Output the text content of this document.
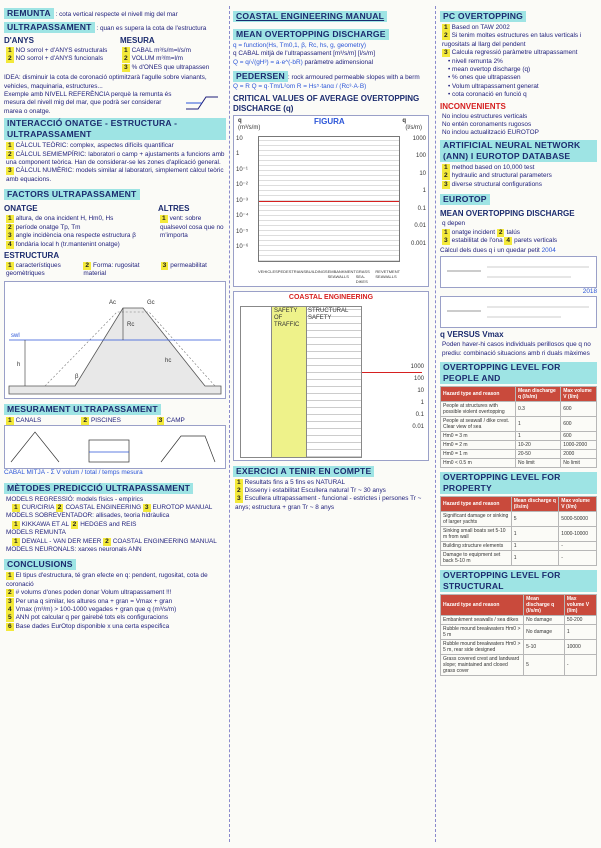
REMUNTA : cota vertical respecte el nivell mig del mar
ULTRAPASSAMENT : quan es supera la cota de l'estructura
D'ANYS
1 NO sorrol + d'ANYS estructurals
2 NO sorrol + d'ANYS funcionals
MESURA
1 CABAL m³/s/m=l/s/m
2 VOLUM m³/m=l/m
3 % d'ONES que ultrapassen
IDEA: disminuir la cota de coronació optimitzarà l'agulle sobre vianants, vehicles, maquinaria, estructures...
Exemple amb NIVELL REFERÈNCIA perquè la remunta és mesura del nivell mig del mar, que podrà ser considerar marea o onatge.
INTERACCIÓ ONATGE - ESTRUCTURA - ULTRAPASSAMENT
1 CÀLCUL TEÒRIC: complex, aspectes difícils quantificar
2 CÀLCUL SEMIEMPÍRIC: laboratori o camp + ajustaments a funcions amb una component teòrica. Han de considerar-se les zones d'aplicació general.
3 CÀLCUL NUMÈRIC: models similar al laboratori, simplement càlcul teòric amb equacions.
FACTORS ULTRAPASSAMENT
ONATGE
1 altura, de ona incident H, Hm0, Hs
2 període onatge Tp, Tm
3 angle incidència ona respecte estructura β
4 fondària local h (tr.mantenint onatge)
ALTRES
1 vent: sobre qualsevol cosa que no m'importa
ESTRUCTURA
1 característiques geomètriques
2 Forma: rugositat material
3 permeabilitat
Rc
Ac	Gc
hc
h
β
swl
MESURAMENT ULTRAPASSAMENT
1 CANALS	2 PISCINES	3 CAMP
CABAL MITJÀ - Σ V volum / total / temps mesura
MÈTODES PREDICCIÓ ULTRAPASSAMENT
MODELS REGRESSIÓ: models físics - empírics
1 CUR/CIRIA 2 COASTAL ENGINEERING 3 EUROTOP MANUAL
MODELS SOBREVENTADOR: allisades, teoria hidràulica
1 KIKKAWA ET AL 2 HEDGES and REIS
MODELS REMUNTA
1 DEWALL - VAN DER MEER 2 COASTAL ENGINEERING MANUAL
MODELS NEURONALS: xarxes neuronals ANN
CONCLUSIONS
1 El tipus d'estructura, té gran efecte en q: pendent, rugositat, cota de coronació
2 # volums d'ones poden donar Volum ultrapassament !!!
3 Per una q similar, les altures ona + gran = Vmax + gran
4 Vmax (m³/m) > 100-1000 vegades + gran que q (m³/s/m)
5 ANN pot calcular q per gairebé tots els configuracions
6 Base dades EurOtop disponible x una certa especifica
COASTAL ENGINEERING MANUAL MEAN OVERTOPPING DISCHARGE
q = function(Hs, Tm0,1, β, Rc, hs, g, geometry)
q CABAL mitjà de l'ultrapassament [m³/s/m] [l/s/m]
Q = q/√(gH³) = a·e^(-bR) paràmetre adimensional
PEDERSEN : rock armoured permeable slopes with a berm
Q = R Q = q·Tm/L²om R = Hs⁵·tanα / (Rc³·A·B)
CRITICAL VALUES OF AVERAGE OVERTOPPING DISCHARGE (q)
q
(m³/s/m)
FIGURA	q
(l/s/m)
10
1
10⁻¹
10⁻²
10⁻³
10⁻⁴
10⁻⁵
10⁻⁶
1000
100
10
1
0.1
0.01
0.001
VEHICLES PEDESTRIANS BUILDINGS EMBANKMENT SEAWALLS
GRASS SEA-DIKES
REVETMENT SEAWALLS
COASTAL ENGINEERING
SAFETY OF TRAFFIC
STRUCTURAL SAFETY
1000
100
10
1
0.1
0.01
EXERCICI A TENIR EN COMPTE
1 Resultats fins a 5 fins es NATURAL
2 Disseny i estabilitat Escullera natural Tr ~ 30 anys
3 Escullera ultrapassament - funcional - estrictes i persones Tr ~ anys; estructura + gran Tr ~ 8 anys
PC OVERTOPPING
1 Based on TAW 2002
2 Si tenim moltes estructures en talus verticals i rugositats al llarg del pendent
3 Calcula regressió paràmetre ultrapassament
• nivell remunta 2%
• mean overtop discharge (q)
• % ones que ultrapassen
• Volum ultrapassament generat
• cota coronació en funció q
INCONVENIENTS
No inclou estructures verticals
No entén coronaments rugosos
No inclou actualització EUROTOP
ARTIFICIAL NEURAL NETWORK (ANN) I EUROTOP DATABASE
1 method based on 10,000 test
2 hydraulic and structural parameters
3 diverse structural configurations
EUROTOP
MEAN OVERTOPPING DISCHARGE
q depen
1 onatge incident 2 talús
3 estabilitat de l'ona 4 parets verticals
Càlcul dels dues q i un quedar petit 2004
2018
q VERSUS Vmax
Poden haver-hi casos individuals perillosos que q no prediu: combinació situacions amb ri duals màximes
OVERTOPPING LEVEL FOR PEOPLE AND
Hazard type and reason	Mean discharge q (l/s/m)	Max volume V (l/m)
People at structures with possible violent overtopping	0.3	600
People at seawall / dike crest. Clear view of sea	1	600
Hm0 = 3 m	1	600
Hm0 = 2 m	10-20	1000-2000
Hm0 = 1 m	20-50	2000
Hm0 < 0.5 m	No limit	No limit
OVERTOPPING LEVEL FOR PROPERTY
Hazard type and reason	Mean discharge q (l/s/m)	Max volume V (l/m)
Significant damage or sinking of larger yachts	5	5000-50000
Sinking small boats set 5-10 m from wall	1	1000-10000
Building structure elements	1	-
Damage to equipment set back 5-10 m	1	-
OVERTOPPING LEVEL FOR STRUCTURAL
Hazard type and reason	Mean discharge q (l/s/m)	Max volume V (l/m)
Embankment seawalls / sea dikes	No damage	50-200
Rubble mound breakwaters Hm0 > 5 m	No damage	1
Rubble mound breakwaters Hm0 > 5 m, rear side designed	5-10	10000
Grass covered crest and landward slope; maintained and closed grass cover	5	-
